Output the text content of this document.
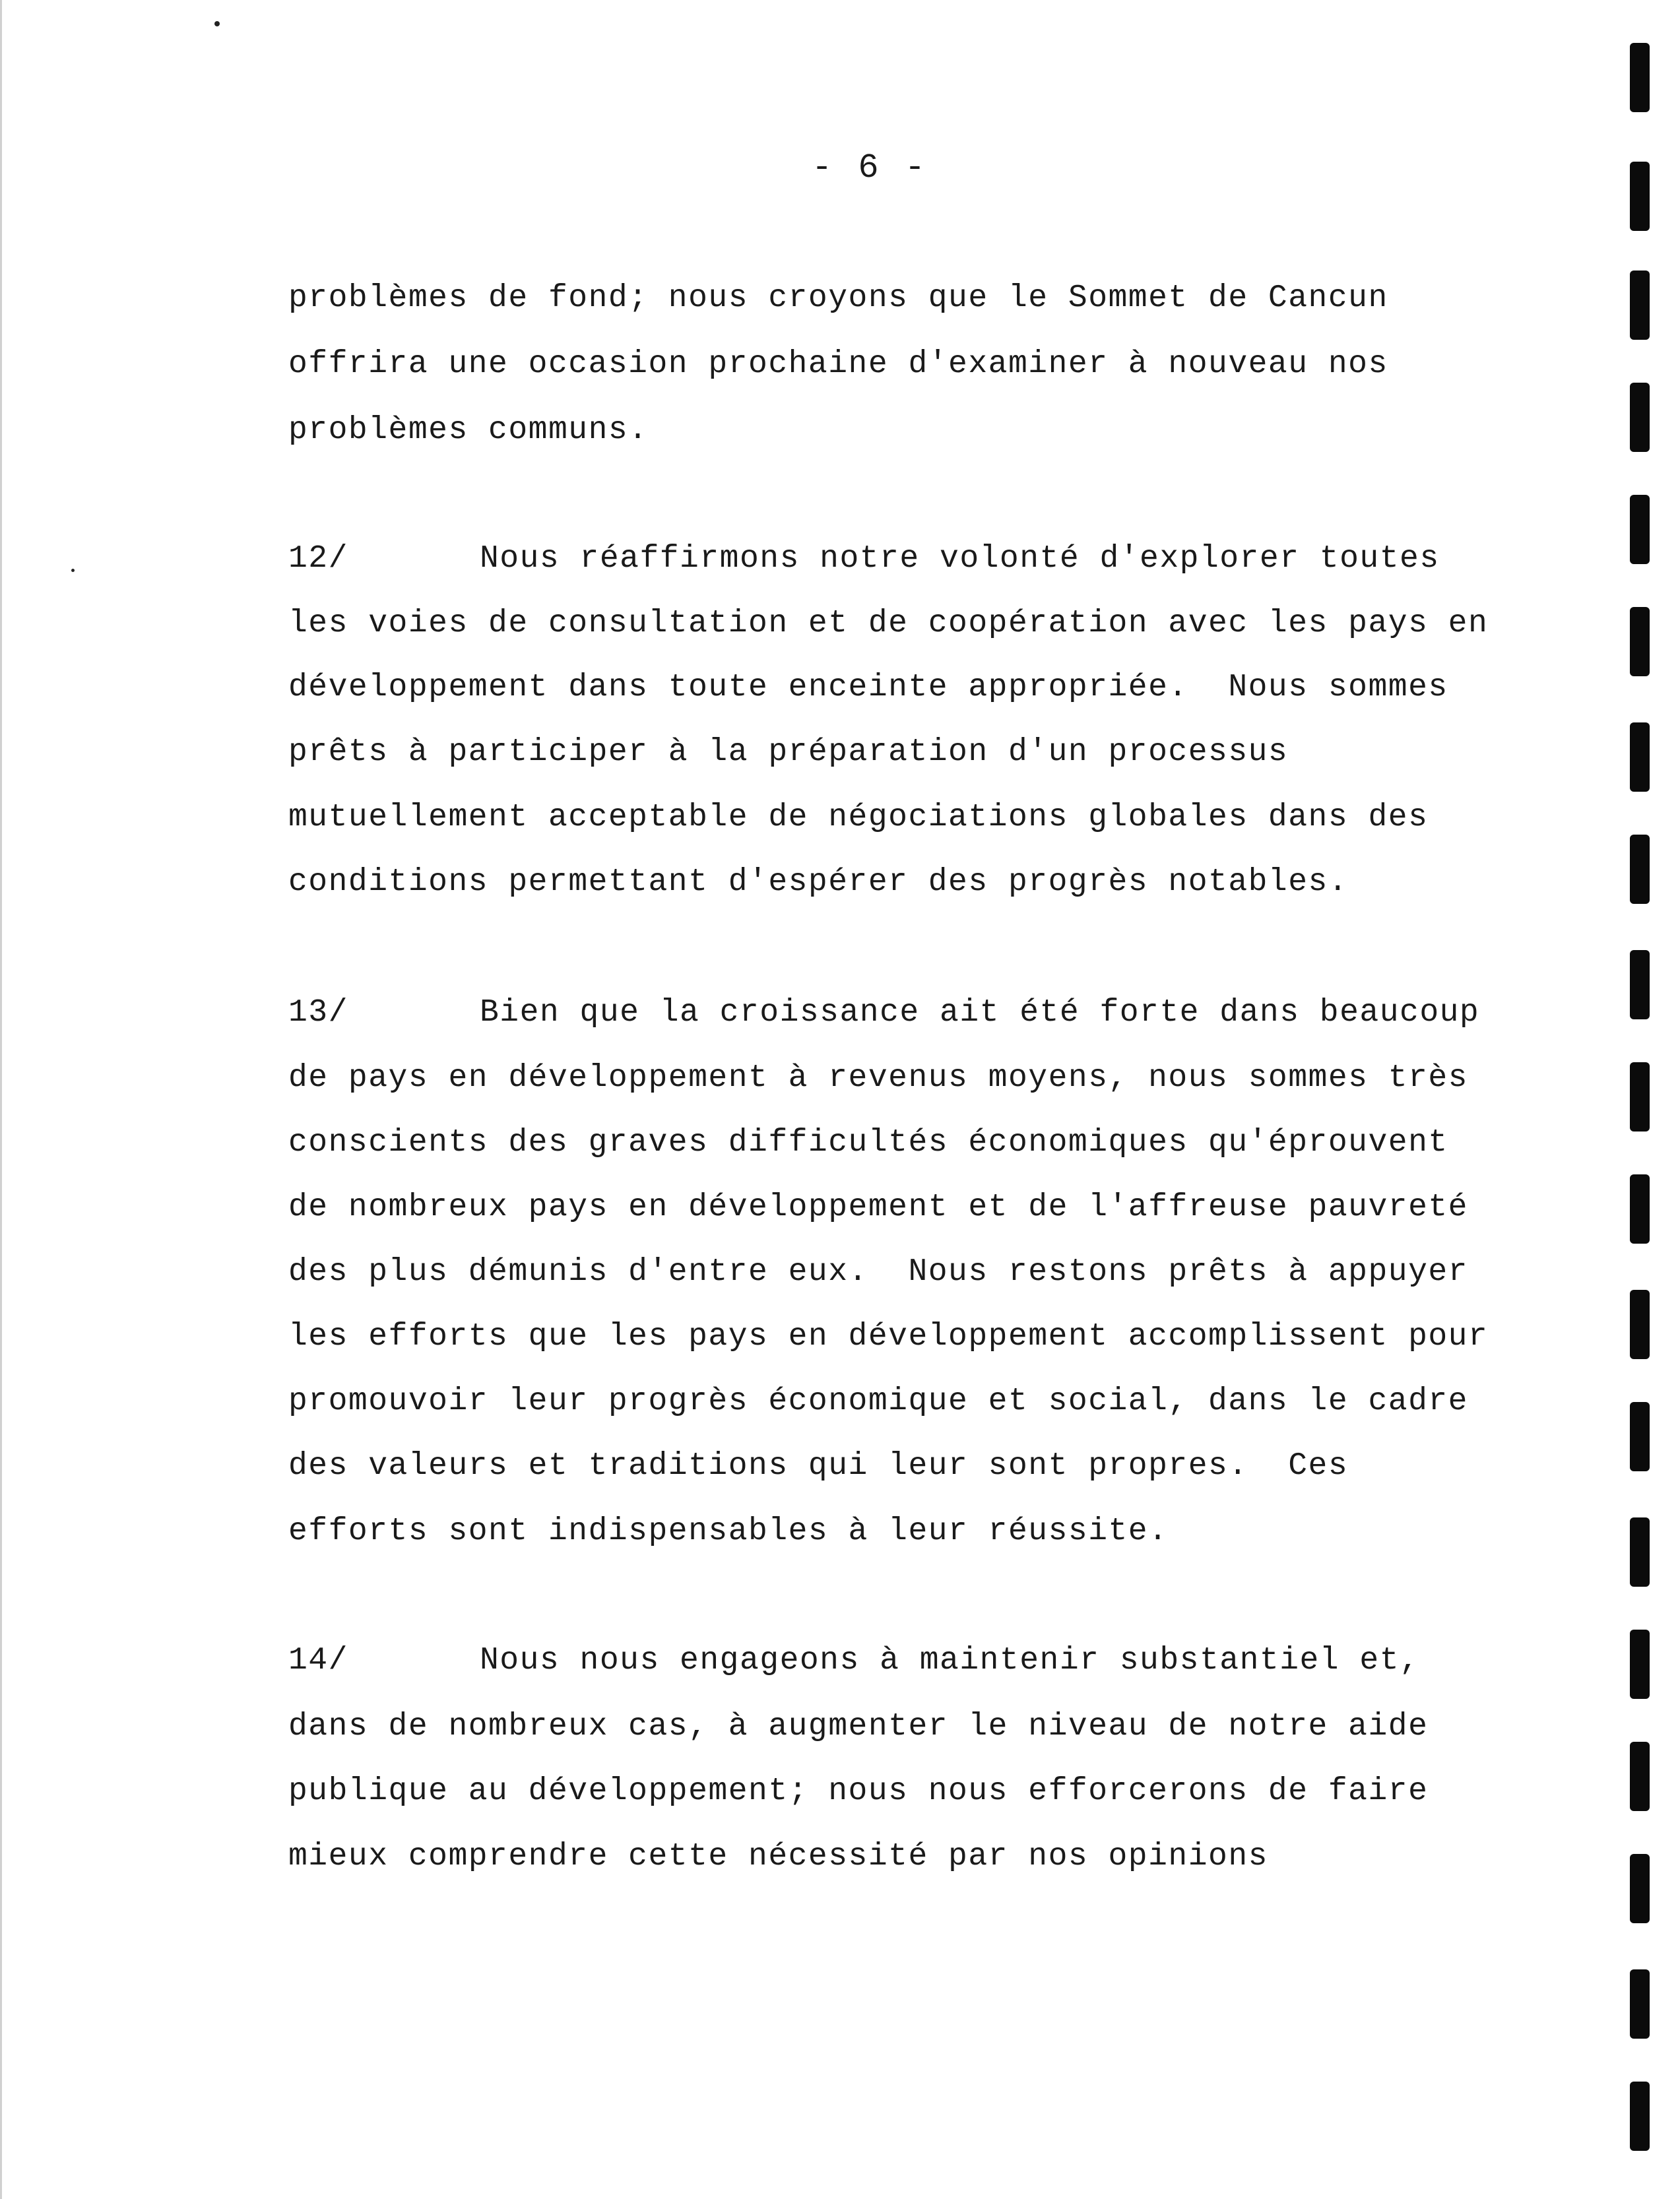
- 6 -
problèmes de fond; nous croyons que le Sommet de Cancun
offrira une occasion prochaine d'examiner à nouveau nos
problèmes communs.
12/	Nous réaffirmons notre volonté d'explorer toutes
les voies de consultation et de coopération avec les pays en
développement dans toute enceinte appropriée.  Nous sommes
prêts à participer à la préparation d'un processus
mutuellement acceptable de négociations globales dans des
conditions permettant d'espérer des progrès notables.
13/	Bien que la croissance ait été forte dans beaucoup
de pays en développement à revenus moyens, nous sommes très
conscients des graves difficultés économiques qu'éprouvent
de nombreux pays en développement et de l'affreuse pauvreté
des plus démunis d'entre eux.  Nous restons prêts à appuyer
les efforts que les pays en développement accomplissent pour
promouvoir leur progrès économique et social, dans le cadre
des valeurs et traditions qui leur sont propres.  Ces
efforts sont indispensables à leur réussite.
14/	Nous nous engageons à maintenir substantiel et,
dans de nombreux cas, à augmenter le niveau de notre aide
publique au développement; nous nous efforcerons de faire
mieux comprendre cette nécessité par nos opinions
